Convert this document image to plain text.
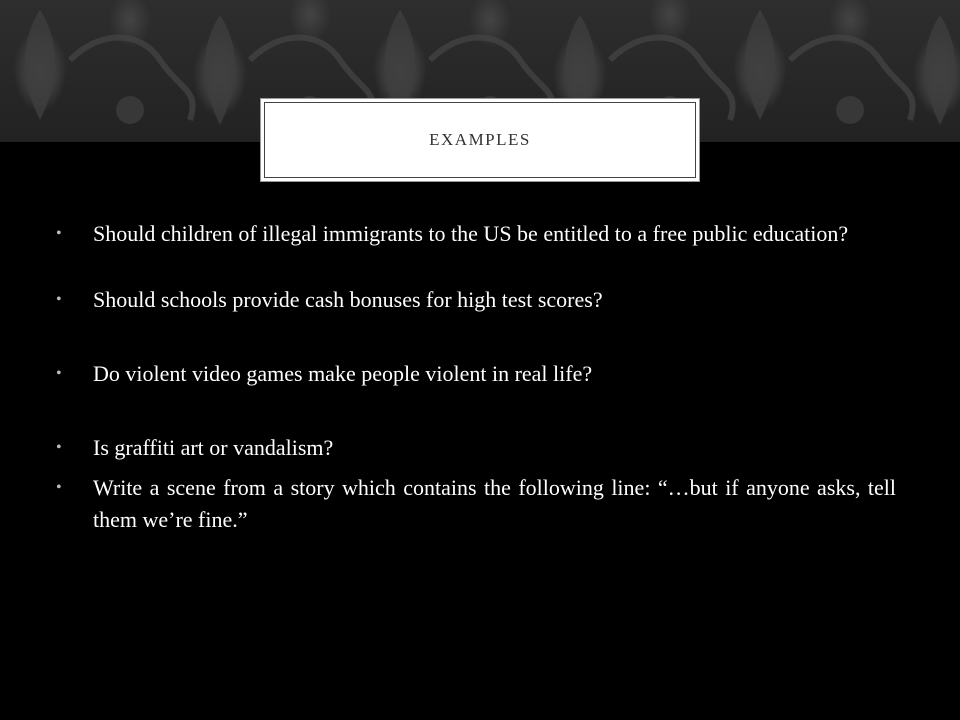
EXAMPLES
• Should children of illegal immigrants to the US be entitled to a free public education?
• Should schools provide cash bonuses for high test scores?
• Do violent video games make people violent in real life?
• Is graffiti art or vandalism?
• Write a scene from a story which contains the following line: “…but if anyone asks, tell them we’re fine.”
